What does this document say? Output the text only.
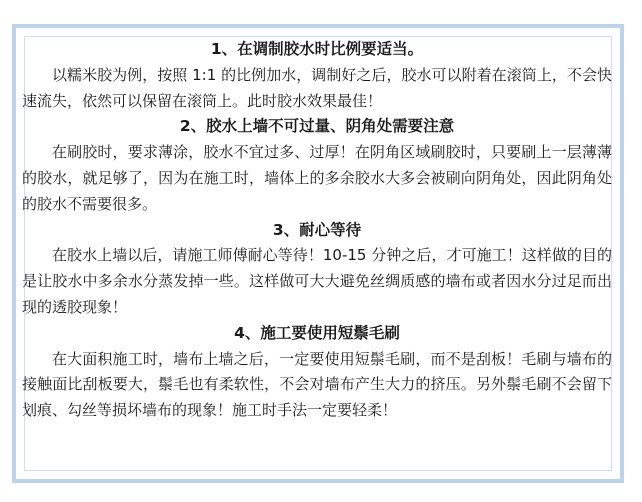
1、在调制胶水时比例要适当。

以糯米胶为例，按照 1:1 的比例加水，调制好之后，胶水可以附着在滚筒上，不会快速流失，依然可以保留在滚筒上。此时胶水效果最佳！

2、胶水上墙不可过量、阴角处需要注意

在刷胶时，要求薄涂，胶水不宜过多、过厚！在阴角区域刷胶时，只要刷上一层薄薄的胶水，就足够了，因为在施工时，墙体上的多余胶水大多会被刷向阴角处，因此阴角处的胶水不需要很多。

3、耐心等待

在胶水上墙以后，请施工师傅耐心等待！10-15 分钟之后，才可施工！这样做的目的是让胶水中多余水分蒸发掉一些。这样做可大大避免丝绸质感的墙布或者因水分过足而出现的透胶现象！

4、施工要使用短鬃毛刷

在大面积施工时，墙布上墙之后，一定要使用短鬃毛刷，而不是刮板！毛刷与墙布的接触面比刮板要大，鬃毛也有柔软性，不会对墙布产生大力的挤压。另外鬃毛刷不会留下划痕、勾丝等损坏墙布的现象！施工时手法一定要轻柔！
